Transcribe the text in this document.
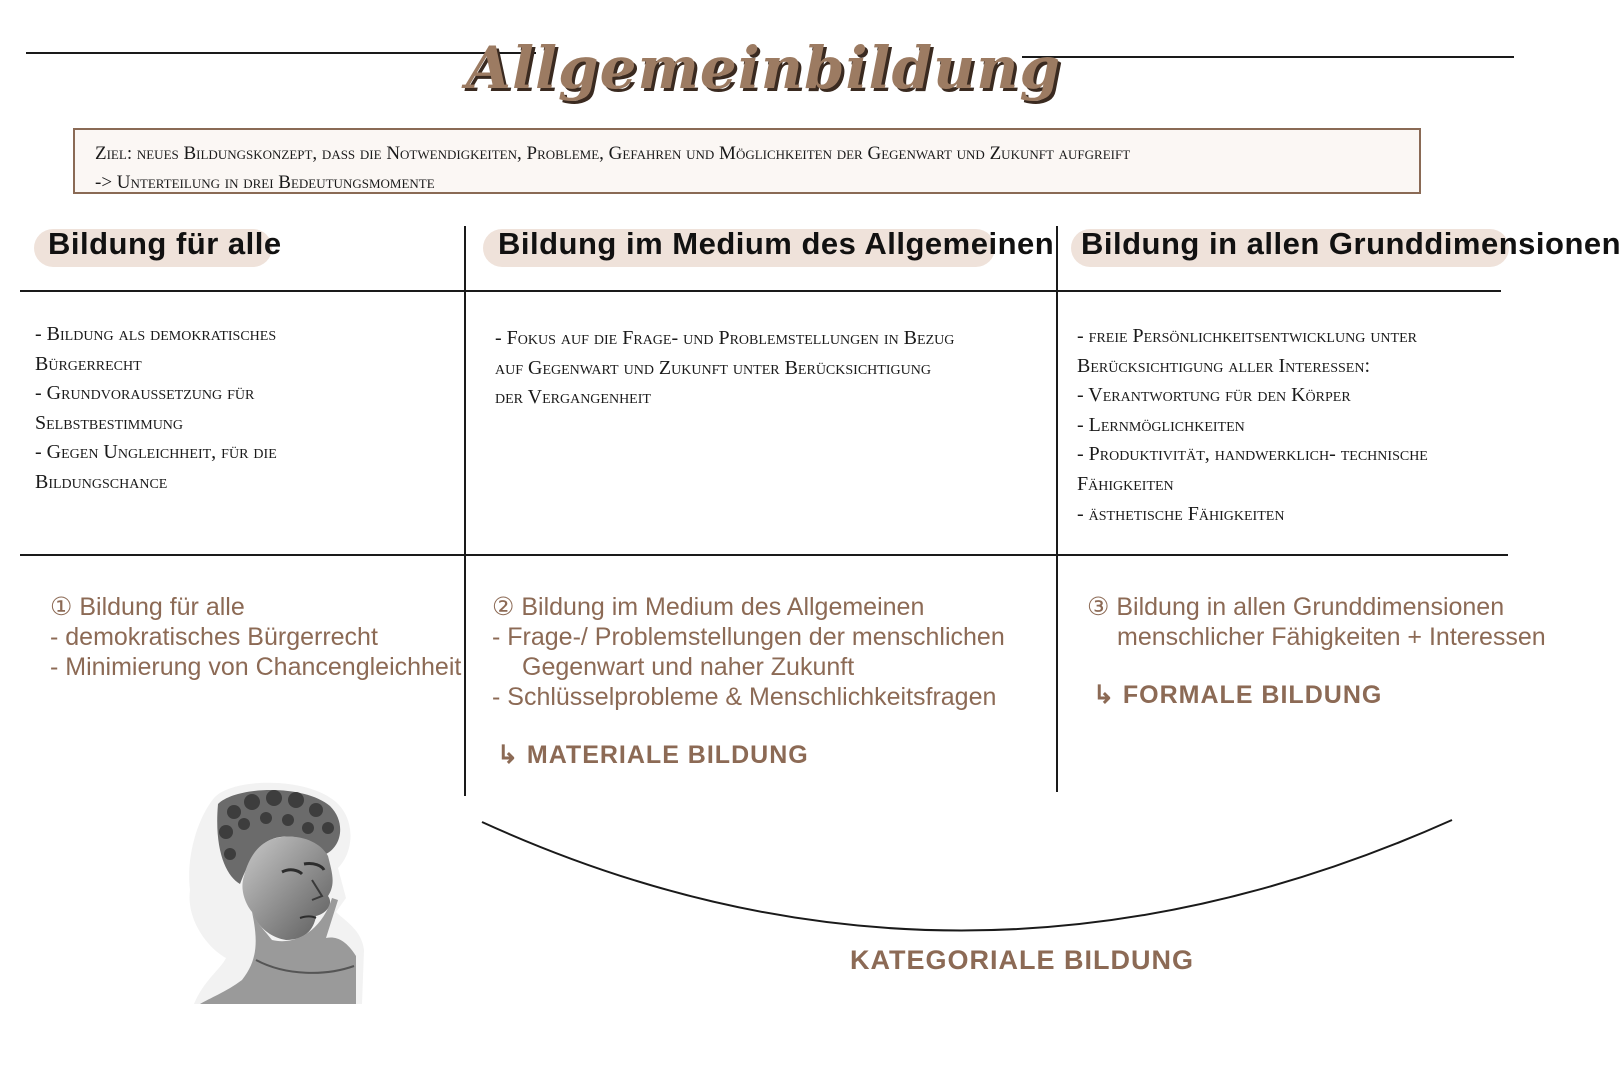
Allgemeinbildung
Ziel: neues Bildungskonzept, dass die Notwendigkeiten, Probleme, Gefahren und Möglichkeiten der Gegenwart und Zukunft aufgreift
-> Unterteilung in drei Bedeutungsmomente
Bildung für alle	Bildung im Medium des Allgemeinen Bildung in allen Grunddimensionen
- Bildung als demokratisches
Bürgerrecht
- Grundvoraussetzung für
Selbstbestimmung
- Gegen Ungleichheit, für die
Bildungschance
- Fokus auf die Frage- und Problemstellungen in Bezug
auf Gegenwart und Zukunft unter Berücksichtigung
der Vergangenheit
- freie Persönlichkeitsentwicklung unter
Berücksichtigung aller Interessen:
- Verantwortung für den Körper
- Lernmöglichkeiten
- Produktivität, handwerklich- technische
Fähigkeiten
- ästhetische Fähigkeiten
① Bildung für alle
- demokratisches Bürgerrecht
- Minimierung von Chancengleichheit
② Bildung im Medium des Allgemeinen
- Frage-/ Problemstellungen der menschlichen
Gegenwart und naher Zukunft
- Schlüsselprobleme & Menschlichkeitsfragen
↳ MATERIALE BILDUNG
③ Bildung in allen Grunddimensionen
menschlicher Fähigkeiten + Interessen
↳ FORMALE BILDUNG
KATEGORIALE BILDUNG
